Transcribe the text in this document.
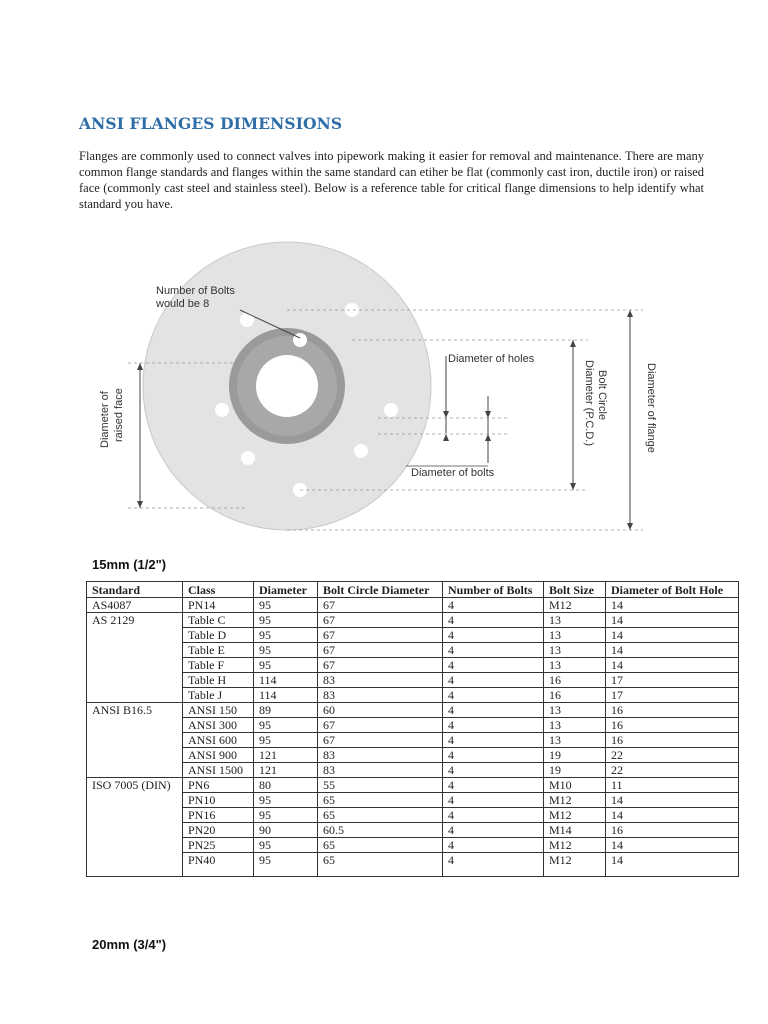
ANSI FLANGES DIMENSIONS
Flanges are commonly used to connect valves into pipework making it easier for removal and maintenance. There are many common flange standards and flanges within the same standard can etiher be flat (commonly cast iron, ductile iron) or raised face (commonly cast steel and stainless steel). Below is a reference table for critical flange dimensions to help identify what standard you have.
Number of Bolts
would be 8
Diameter of holes
Diameter of bolts
Diameter of raised face	Bolt Circle
Diameter (P.C.D.)	Diameter of flange
15mm (1/2")
Standard	Class	Diameter	Bolt Circle Diameter	Number of Bolts	Bolt Size	Diameter of Bolt Hole
AS4087	PN14	95	67	4	M12	14
AS 2129	Table C	95	67	4	13	14
	Table D	95	67	4	13	14
	Table E	95	67	4	13	14
	Table F	95	67	4	13	14
	Table H	114	83	4	16	17
	Table J	114	83	4	16	17
ANSI B16.5	ANSI 150	89	60	4	13	16
	ANSI 300	95	67	4	13	16
	ANSI 600	95	67	4	13	16
	ANSI 900	121	83	4	19	22
	ANSI 1500	121	83	4	19	22
ISO 7005 (DIN)	PN6	80	55	4	M10	11
	PN10	95	65	4	M12	14
	PN16	95	65	4	M12	14
	PN20	90	60.5	4	M14	16
	PN25	95	65	4	M12	14
	PN40	95	65	4	M12	14
20mm (3/4")
